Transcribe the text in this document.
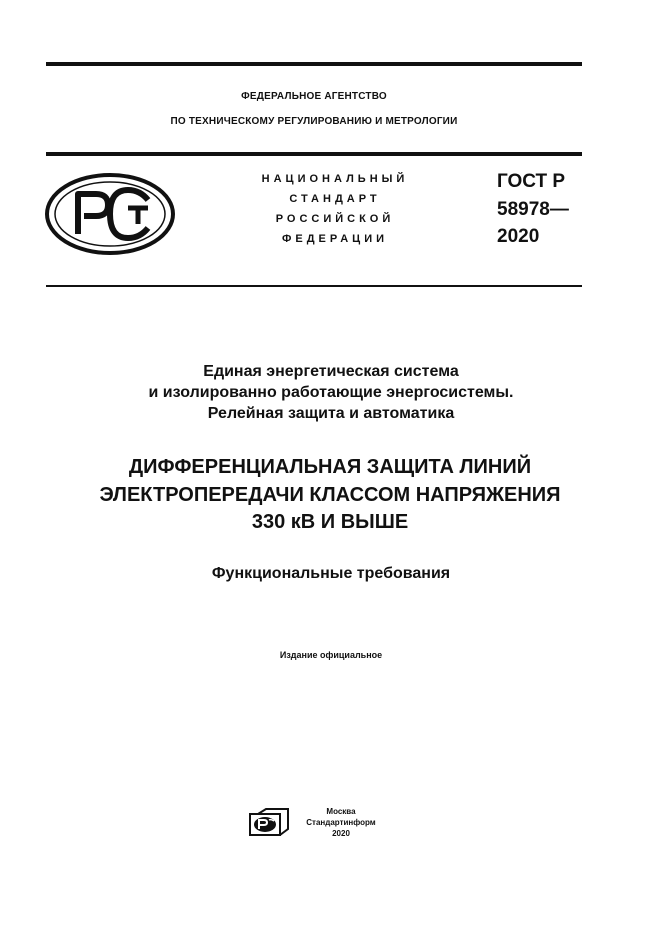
ФЕДЕРАЛЬНОЕ АГЕНТСТВО
ПО ТЕХНИЧЕСКОМУ РЕГУЛИРОВАНИЮ И МЕТРОЛОГИИ
НАЦИОНАЛЬНЫЙ
СТАНДАРТ
РОССИЙСКОЙ
ФЕДЕРАЦИИ
ГОСТ Р
58978—
2020
Единая энергетическая система
и изолированно работающие энергосистемы.
Релейная защита и автоматика
ДИФФЕРЕНЦИАЛЬНАЯ ЗАЩИТА ЛИНИЙ
ЭЛЕКТРОПЕРЕДАЧИ КЛАССОМ НАПРЯЖЕНИЯ
330 кВ И ВЫШЕ
Функциональные требования
Издание официальное
Москва
Стандартинформ
2020
